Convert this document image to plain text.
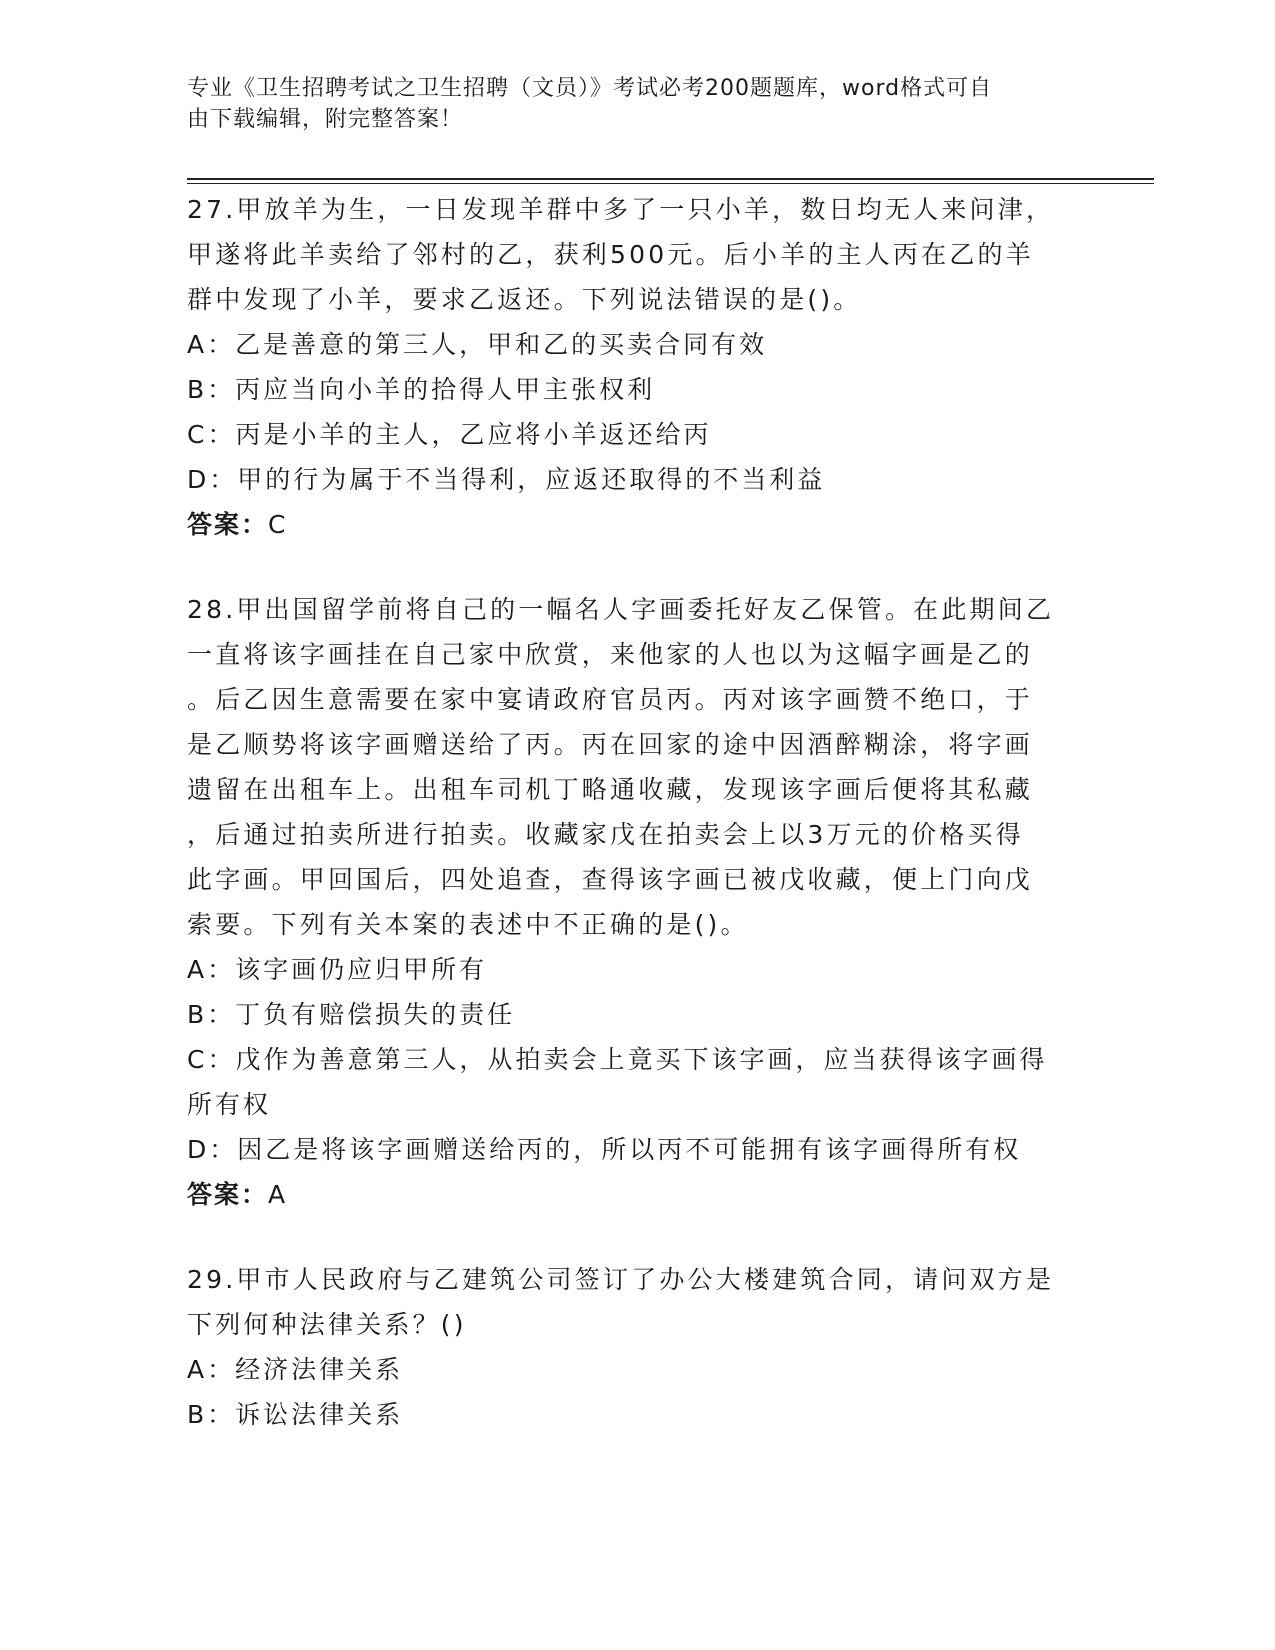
专业《卫生招聘考试之卫生招聘（文员）》考试必考200题题库，word格式可自
由下载编辑，附完整答案！
27.甲放羊为生，一日发现羊群中多了一只小羊，数日均无人来问津，
甲遂将此羊卖给了邻村的乙，获利500元。后小羊的主人丙在乙的羊
群中发现了小羊，要求乙返还。下列说法错误的是()。
A：乙是善意的第三人，甲和乙的买卖合同有效
B：丙应当向小羊的拾得人甲主张权利
C：丙是小羊的主人，乙应将小羊返还给丙
D：甲的行为属于不当得利，应返还取得的不当利益
答案：C
28.甲出国留学前将自己的一幅名人字画委托好友乙保管。在此期间乙
一直将该字画挂在自己家中欣赏，来他家的人也以为这幅字画是乙的
。后乙因生意需要在家中宴请政府官员丙。丙对该字画赞不绝口，于
是乙顺势将该字画赠送给了丙。丙在回家的途中因酒醉糊涂，将字画
遗留在出租车上。出租车司机丁略通收藏，发现该字画后便将其私藏
，后通过拍卖所进行拍卖。收藏家戊在拍卖会上以3万元的价格买得
此字画。甲回国后，四处追查，查得该字画已被戊收藏，便上门向戊
索要。下列有关本案的表述中不正确的是()。
A：该字画仍应归甲所有
B：丁负有赔偿损失的责任
C：戊作为善意第三人，从拍卖会上竟买下该字画，应当获得该字画得
所有权
D：因乙是将该字画赠送给丙的，所以丙不可能拥有该字画得所有权
答案：A
29.甲市人民政府与乙建筑公司签订了办公大楼建筑合同，请问双方是
下列何种法律关系？()
A：经济法律关系
B：诉讼法律关系
